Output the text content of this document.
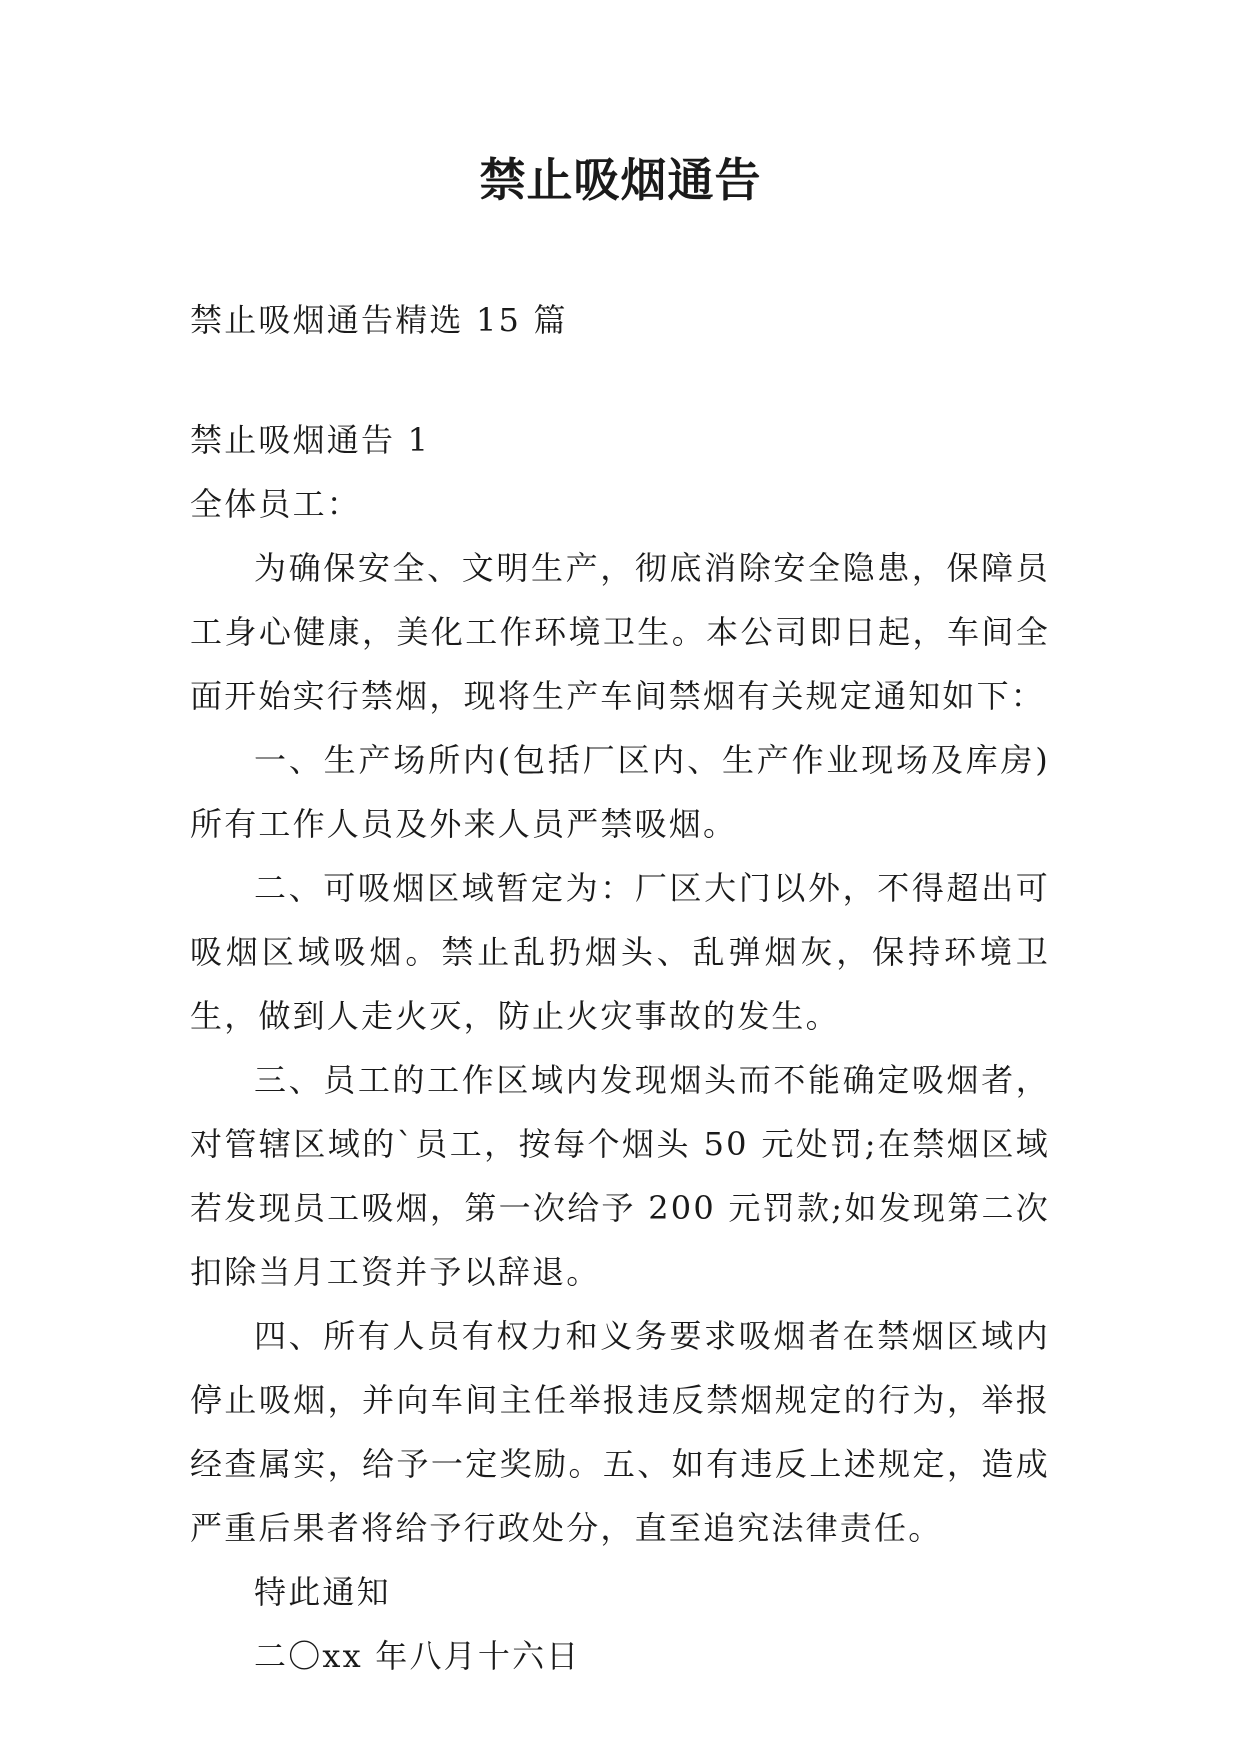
禁止吸烟通告

禁止吸烟通告精选 15 篇

禁止吸烟通告 1

全体员工：

为确保安全、文明生产，彻底消除安全隐患，保障员工身心健康，美化工作环境卫生。本公司即日起，车间全面开始实行禁烟，现将生产车间禁烟有关规定通知如下：

一、生产场所内(包括厂区内、生产作业现场及库房)所有工作人员及外来人员严禁吸烟。

二、可吸烟区域暂定为：厂区大门以外，不得超出可吸烟区域吸烟。禁止乱扔烟头、乱弹烟灰，保持环境卫生，做到人走火灭，防止火灾事故的发生。

三、员工的工作区域内发现烟头而不能确定吸烟者，对管辖区域的`员工，按每个烟头 50 元处罚;在禁烟区域若发现员工吸烟，第一次给予 200 元罚款;如发现第二次扣除当月工资并予以辞退。

四、所有人员有权力和义务要求吸烟者在禁烟区域内停止吸烟，并向车间主任举报违反禁烟规定的行为，举报经查属实，给予一定奖励。五、如有违反上述规定，造成严重后果者将给予行政处分，直至追究法律责任。

特此通知

二〇xx 年八月十六日
